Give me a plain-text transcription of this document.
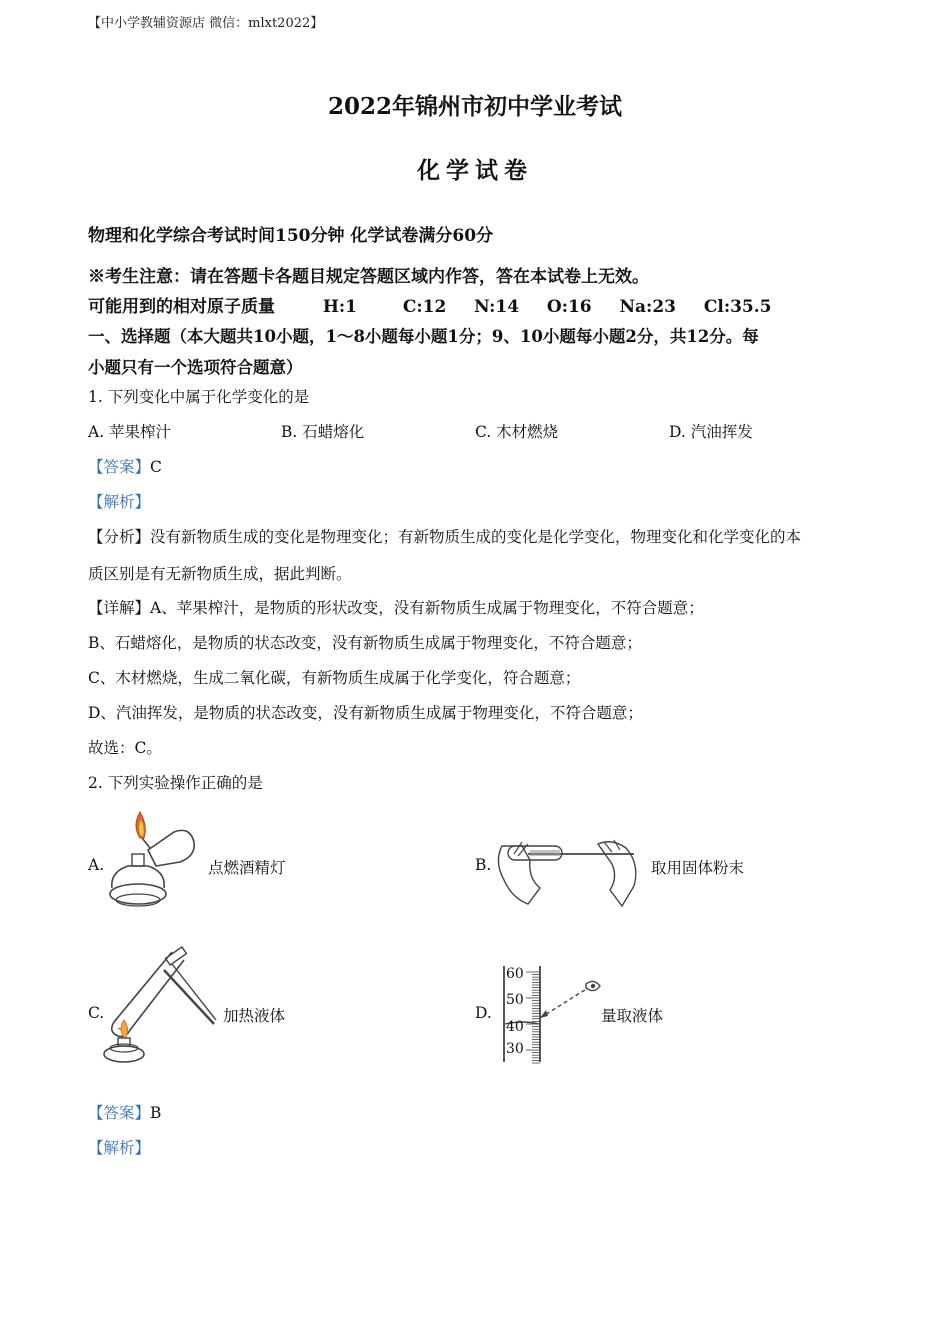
【中小学教辅资源店 微信：mlxt2022】
2022年锦州市初中学业考试
化学试卷
物理和化学综合考试时间150分钟 化学试卷满分60分
※考生注意：请在答题卡各题目规定答题区域内作答，答在本试卷上无效。
可能用到的相对原子质量	H:1	C:12 N:14 O:16 Na:23 Cl:35.5
一、选择题（本大题共10小题，1～8小题每小题1分；9、10小题每小题2分，共12分。每
小题只有一个选项符合题意）
1. 下列变化中属于化学变化的是
A. 苹果榨汁	B. 石蜡熔化	C. 木材燃烧	D. 汽油挥发
【答案】C
【解析】
【分析】没有新物质生成的变化是物理变化；有新物质生成的变化是化学变化，物理变化和化学变化的本
质区别是有无新物质生成，据此判断。
【详解】A、苹果榨汁，是物质的形状改变，没有新物质生成属于物理变化，不符合题意；
B、石蜡熔化，是物质的状态改变，没有新物质生成属于物理变化，不符合题意；
C、木材燃烧，生成二氧化碳，有新物质生成属于化学变化，符合题意；
D、汽油挥发，是物质的状态改变，没有新物质生成属于物理变化，不符合题意；
故选：C。
2. 下列实验操作正确的是
A.	点燃酒精灯	B.	取用固体粉末
C.	加热液体	D.
60
50
40
30
量取液体
【答案】B
【解析】
